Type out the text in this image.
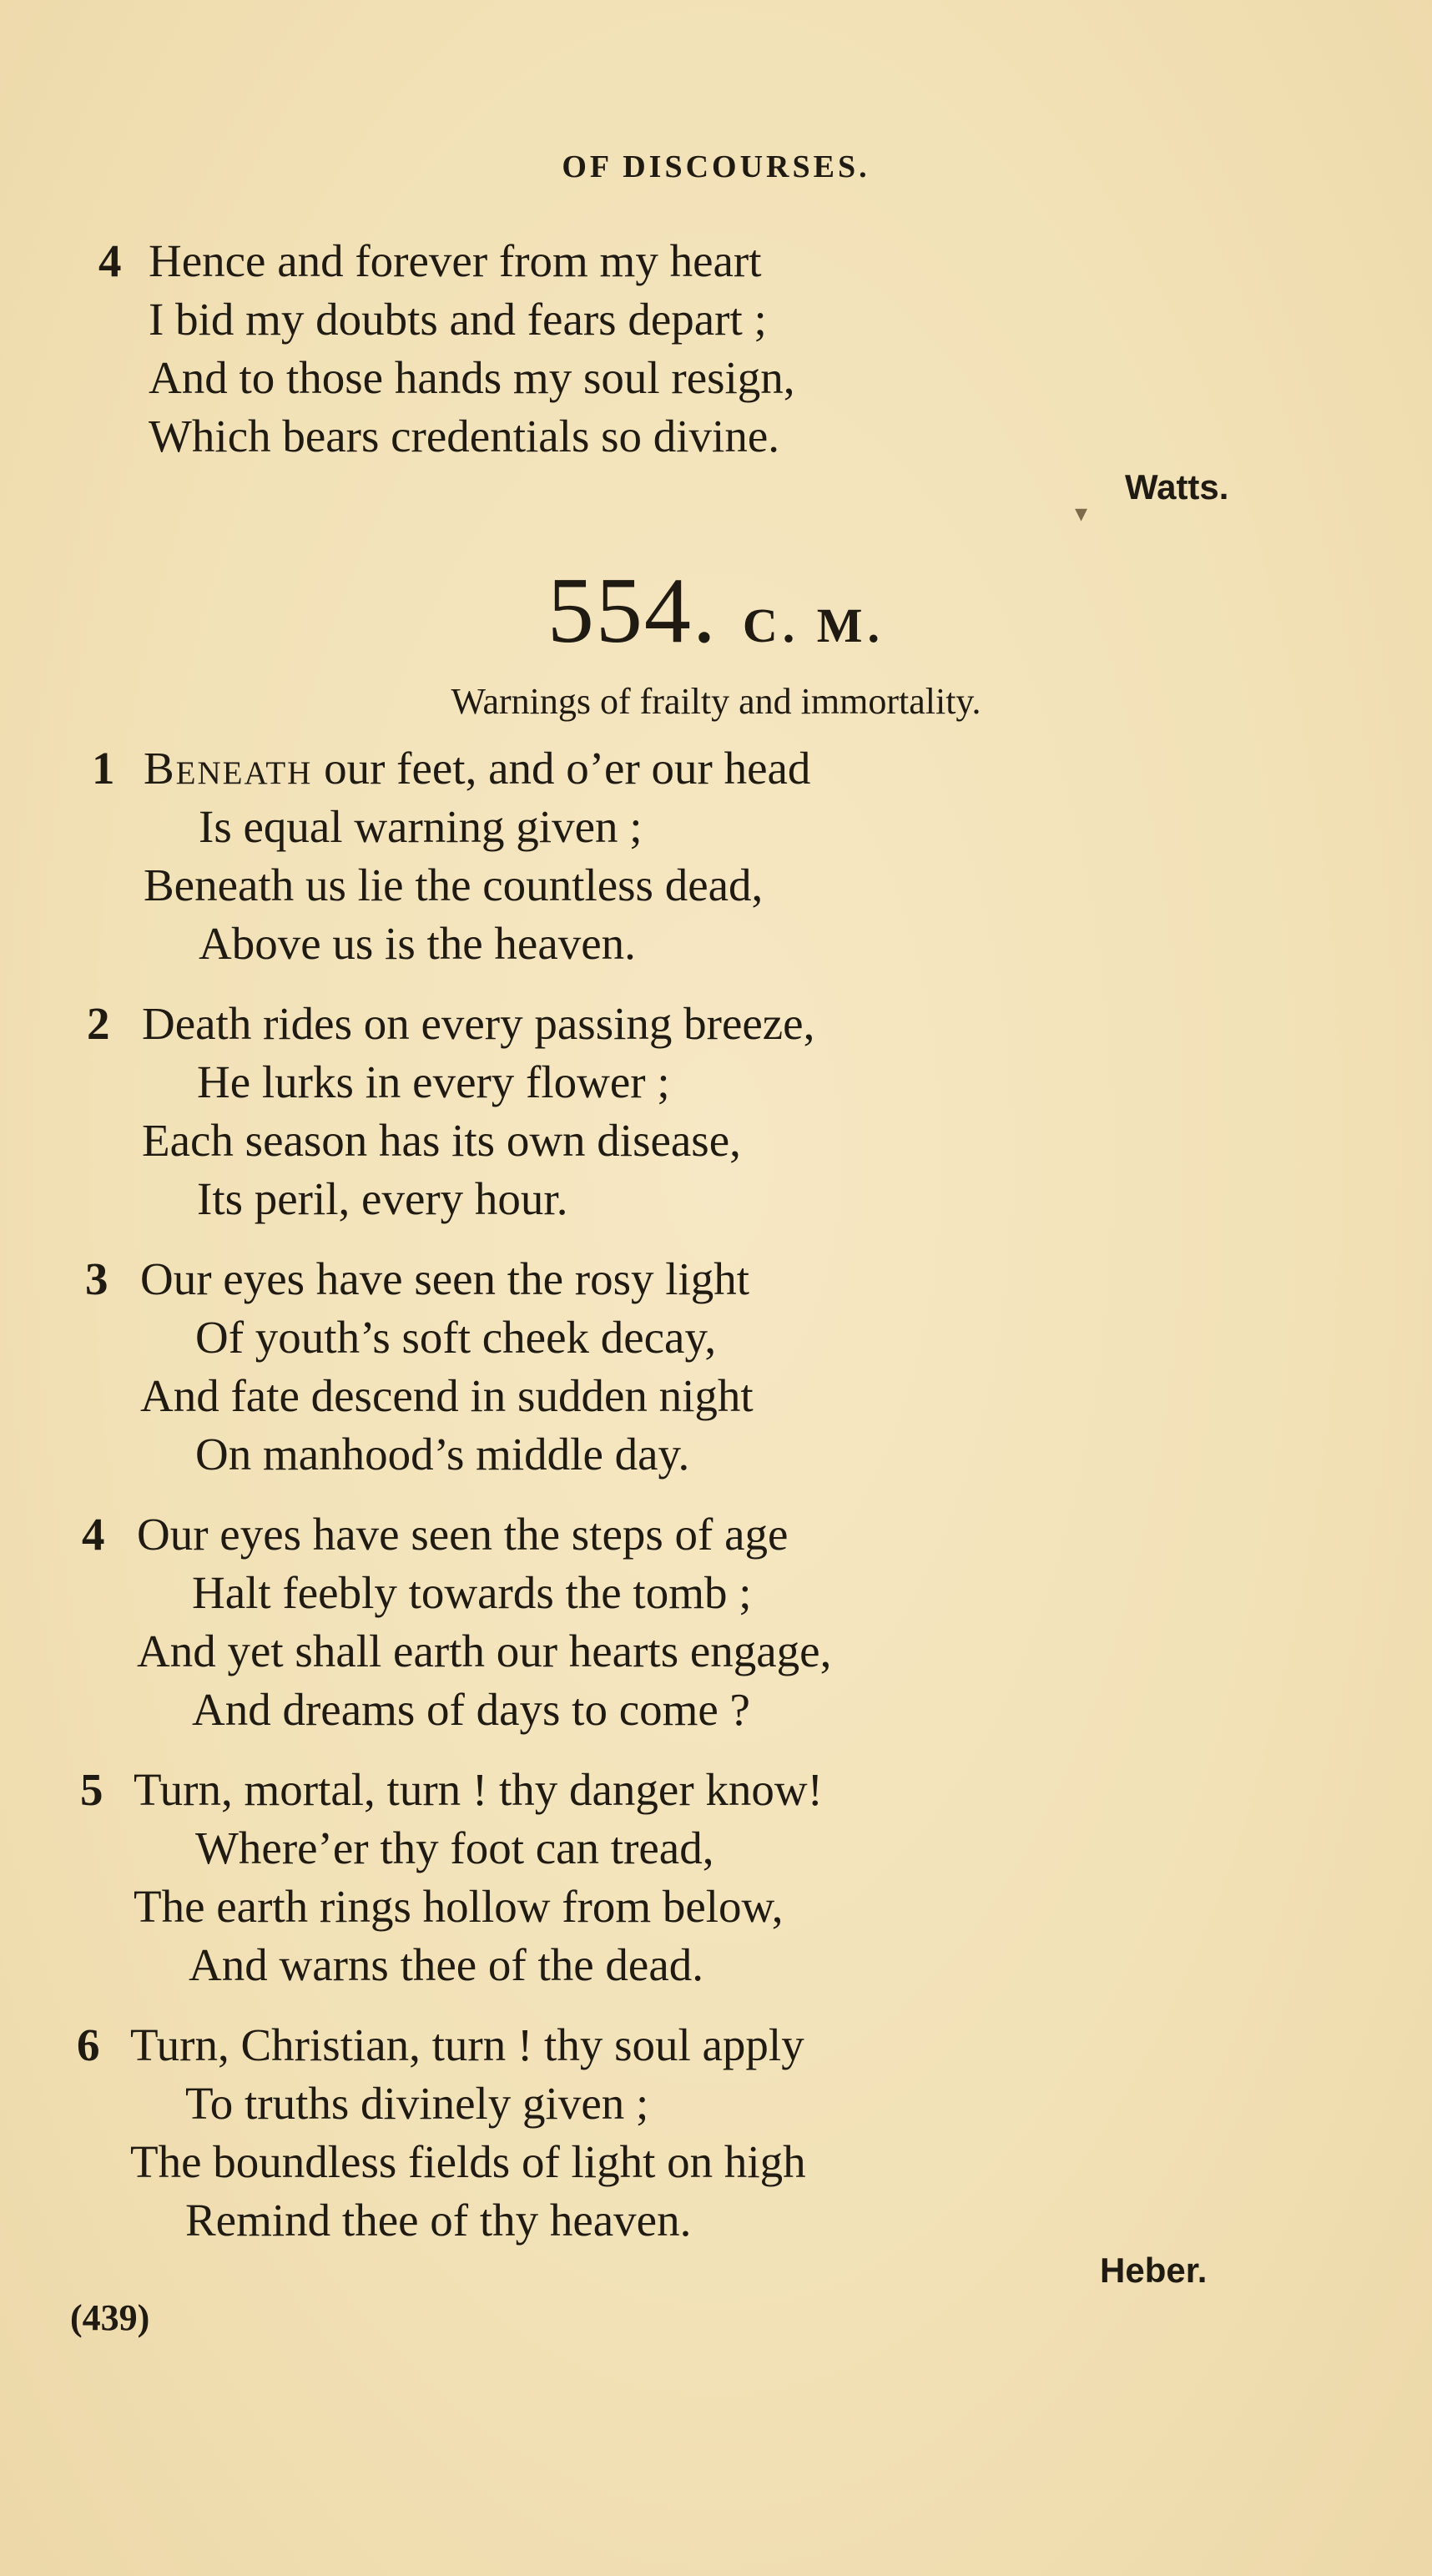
OF DISCOURSES.
4 Hence and forever from my heart
I bid my doubts and fears depart ;
And to those hands my soul resign,
Which bears credentials so divine.
Watts.
▾
554. C. M.
Warnings of frailty and immortality.
1 Beneath our feet, and o’er our head
Is equal warning given ;
Beneath us lie the countless dead,
Above us is the heaven.
2 Death rides on every passing breeze,
He lurks in every flower ;
Each season has its own disease,
Its peril, every hour.
3 Our eyes have seen the rosy light
Of youth’s soft cheek decay,
And fate descend in sudden night
On manhood’s middle day.
4 Our eyes have seen the steps of age
Halt feebly towards the tomb ;
And yet shall earth our hearts engage,
And dreams of days to come ?
5 Turn, mortal, turn ! thy danger know!
Where’er thy foot can tread,
The earth rings hollow from below,
And warns thee of the dead.
6 Turn, Christian, turn ! thy soul apply
To truths divinely given ;
The boundless fields of light on high
Remind thee of thy heaven.
Heber.
(439)
